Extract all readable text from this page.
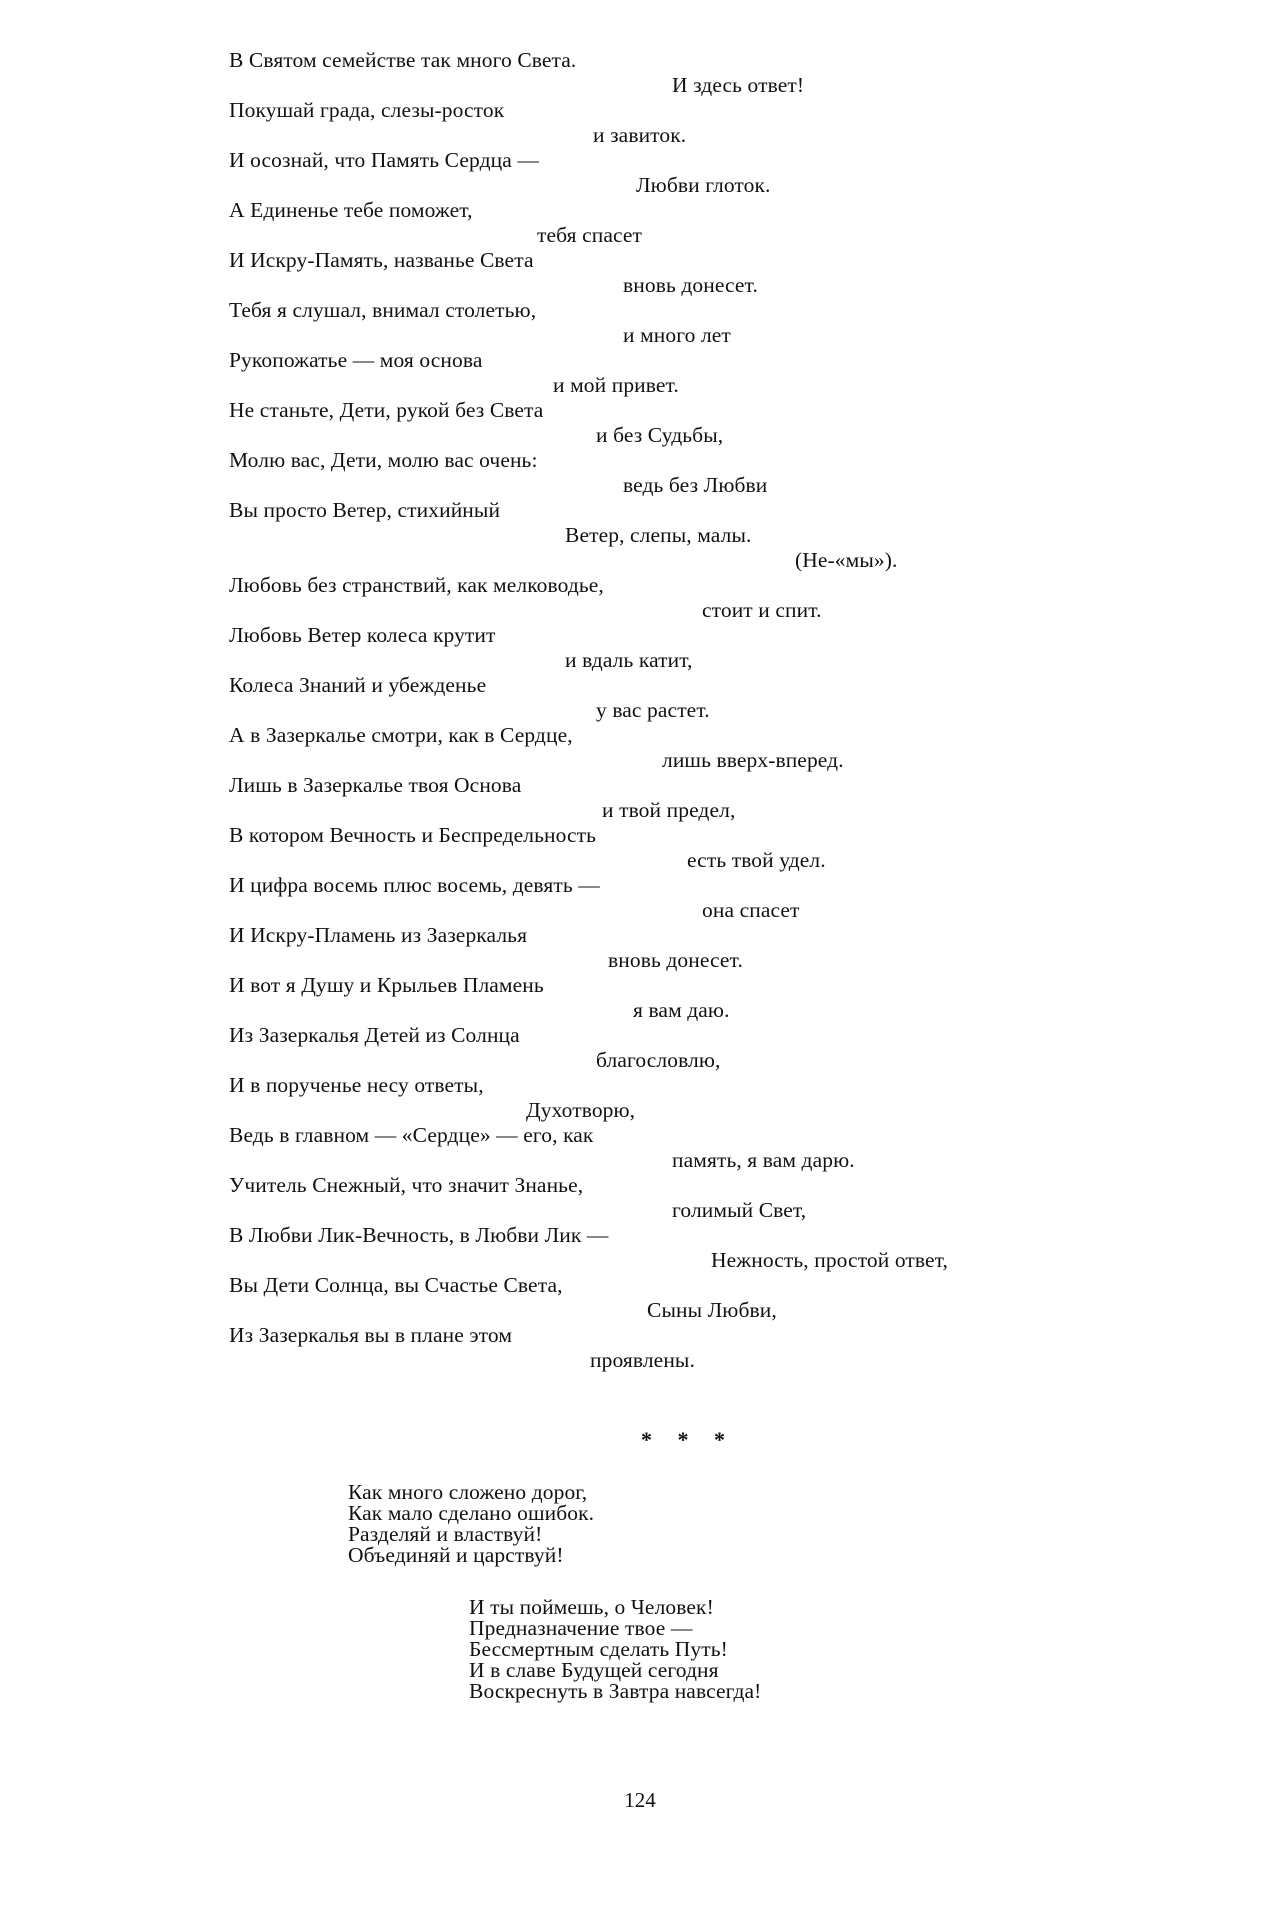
В Святом семействе так много Света.
И здесь ответ!
Покушай града, слезы-росток
и завиток.
И осознай, что Память Сердца —
Любви глоток.
А Единенье тебе поможет,
тебя спасет
И Искру-Память, названье Света
вновь донесет.
Тебя я слушал, внимал столетью,
и много лет
Рукопожатье — моя основа
и мой привет.
Не станьте, Дети, рукой без Света
и без Судьбы,
Молю вас, Дети, молю вас очень:
ведь без Любви
Вы просто Ветер, стихийный
Ветер, слепы, малы.
(Не-«мы»).
Любовь без странствий, как мелководье,
стоит и спит.
Любовь Ветер колеса крутит
и вдаль катит,
Колеса Знаний и убежденье
у вас растет.
А в Зазеркалье смотри, как в Сердце,
лишь вверх-вперед.
Лишь в Зазеркалье твоя Основа
и твой предел,
В котором Вечность и Беспредельность
есть твой удел.
И цифра восемь плюс восемь, девять —
она спасет
И Искру-Пламень из Зазеркалья
вновь донесет.
И вот я Душу и Крыльев Пламень
я вам даю.
Из Зазеркалья Детей из Солнца
благословлю,
И в порученье несу ответы,
Духотворю,
Ведь в главном — «Сердце» — его, как
память, я вам дарю.
Учитель Снежный, что значит Знанье,
голимый Свет,
В Любви Лик-Вечность, в Любви Лик —
Нежность, простой ответ,
Вы Дети Солнца, вы Счастье Света,
Сыны Любви,
Из Зазеркалья вы в плане этом
проявлены.
* * *
Как много сложено дорог,
Как мало сделано ошибок.
Разделяй и властвуй!
Объединяй и царствуй!
И ты поймешь, о Человек!
Предназначение твое —
Бессмертным сделать Путь!
И в славе Будущей сегодня
Воскреснуть в Завтра навсегда!
124
